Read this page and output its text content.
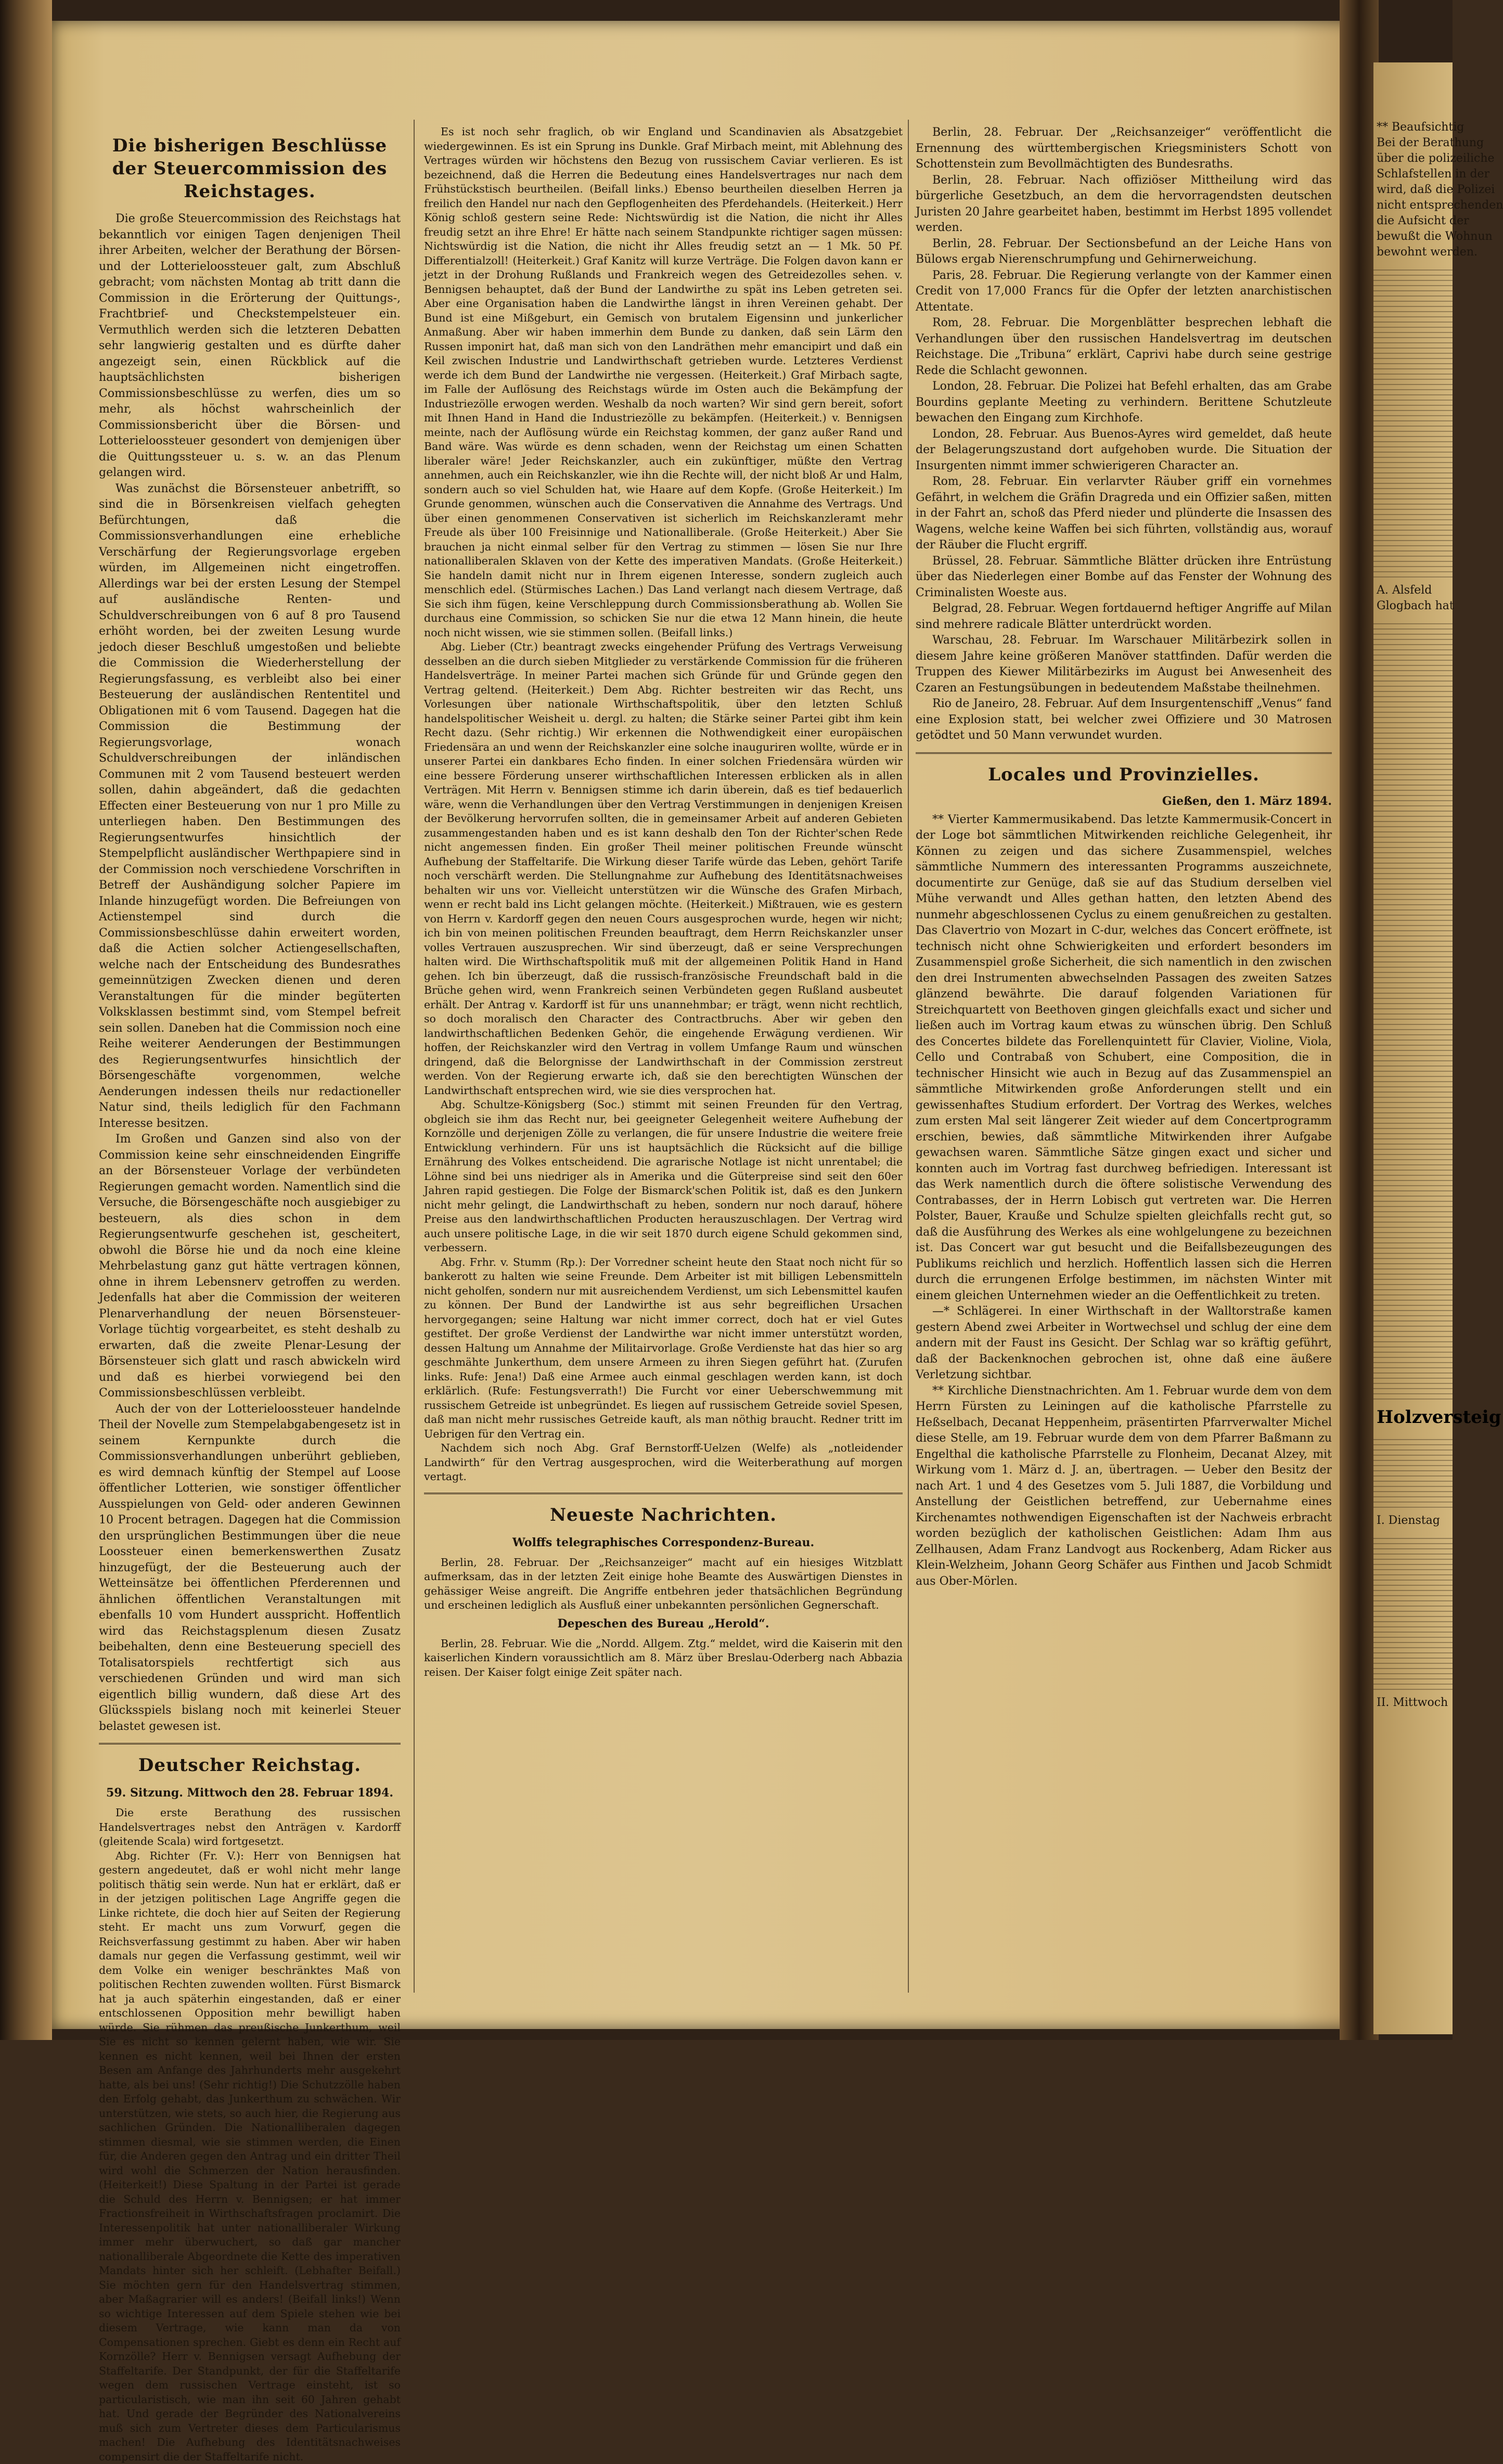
Die bisherigen Beschlüsse der Steuercommission des Reichstages.

Die große Steuercommission des Reichstags hat bekanntlich vor einigen Tagen denjenigen Theil ihrer Arbeiten, welcher der Berathung der Börsen- und der Lotterieloossteuer galt, zum Abschluß gebracht; vom nächsten Montag ab tritt dann die Commission in die Erörterung der Quittungs-, Frachtbrief- und Checkstempelsteuer ein. Vermuthlich werden sich die letzteren Debatten sehr langwierig gestalten und es dürfte daher angezeigt sein, einen Rückblick auf die hauptsächlichsten bisherigen Commissionsbeschlüsse zu werfen, dies um so mehr, als höchst wahrscheinlich der Commissionsbericht über die Börsen- und Lotterieloossteuer gesondert von demjenigen über die Quittungssteuer u. s. w. an das Plenum gelangen wird.

Was zunächst die Börsensteuer anbetrifft, so sind die in Börsenkreisen vielfach gehegten Befürchtungen, daß die Commissionsverhandlungen eine erhebliche Verschärfung der Regierungsvorlage ergeben würden, im Allgemeinen nicht eingetroffen. Allerdings war bei der ersten Lesung der Stempel auf ausländische Renten- und Schuldverschreibungen von 6 auf 8 pro Tausend erhöht worden, bei der zweiten Lesung wurde jedoch dieser Beschluß umgestoßen und beliebte die Commission die Wiederherstellung der Regierungsfassung, es verbleibt also bei einer Besteuerung der ausländischen Rententitel und Obligationen mit 6 vom Tausend. Dagegen hat die Commission die Bestimmung der Regierungsvorlage, wonach Schuldverschreibungen der inländischen Communen mit 2 vom Tausend besteuert werden sollen, dahin abgeändert, daß die gedachten Effecten einer Besteuerung von nur 1 pro Mille zu unterliegen haben. Den Bestimmungen des Regierungsentwurfes hinsichtlich der Stempelpflicht ausländischer Werthpapiere sind in der Commission noch verschiedene Vorschriften in Betreff der Aushändigung solcher Papiere im Inlande hinzugefügt worden. Die Befreiungen von Actienstempel sind durch die Commissionsbeschlüsse dahin erweitert worden, daß die Actien solcher Actiengesellschaften, welche nach der Entscheidung des Bundesrathes gemeinnützigen Zwecken dienen und deren Veranstaltungen für die minder begüterten Volksklassen bestimmt sind, vom Stempel befreit sein sollen. Daneben hat die Commission noch eine Reihe weiterer Aenderungen der Bestimmungen des Regierungsentwurfes hinsichtlich der Börsengeschäfte vorgenommen, welche Aenderungen indessen theils nur redactioneller Natur sind, theils lediglich für den Fachmann Interesse besitzen.

Im Großen und Ganzen sind also von der Commission keine sehr einschneidenden Eingriffe an der Börsensteuer Vorlage der verbündeten Regierungen gemacht worden. Namentlich sind die Versuche, die Börsengeschäfte noch ausgiebiger zu besteuern, als dies schon in dem Regierungsentwurfe geschehen ist, gescheitert, obwohl die Börse hie und da noch eine kleine Mehrbelastung ganz gut hätte vertragen können, ohne in ihrem Lebensnerv getroffen zu werden. Jedenfalls hat aber die Commission der weiteren Plenarverhandlung der neuen Börsensteuer-Vorlage tüchtig vorgearbeitet, es steht deshalb zu erwarten, daß die zweite Plenar-Lesung der Börsensteuer sich glatt und rasch abwickeln wird und daß es hierbei vorwiegend bei den Commissionsbeschlüssen verbleibt.

Auch der von der Lotterieloossteuer handelnde Theil der Novelle zum Stempelabgabengesetz ist in seinem Kernpunkte durch die Commissionsverhandlungen unberührt geblieben, es wird demnach künftig der Stempel auf Loose öffentlicher Lotterien, wie sonstiger öffentlicher Ausspielungen von Geld- oder anderen Gewinnen 10 Procent betragen. Dagegen hat die Commission den ursprünglichen Bestimmungen über die neue Loossteuer einen bemerkenswerthen Zusatz hinzugefügt, der die Besteuerung auch der Wetteinsätze bei öffentlichen Pferderennen und ähnlichen öffentlichen Veranstaltungen mit ebenfalls 10 vom Hundert ausspricht. Hoffentlich wird das Reichstagsplenum diesen Zusatz beibehalten, denn eine Besteuerung speciell des Totalisatorspiels rechtfertigt sich aus verschiedenen Gründen und wird man sich eigentlich billig wundern, daß diese Art des Glücksspiels bislang noch mit keinerlei Steuer belastet gewesen ist.

Deutscher Reichstag.
59. Sitzung. Mittwoch den 28. Februar 1894.

Die erste Berathung des russischen Handelsvertrages nebst den Anträgen v. Kardorff (gleitende Scala) wird fortgesetzt.

Abg. Richter (Fr. V.): Herr von Bennigsen hat gestern angedeutet, daß er wohl nicht mehr lange politisch thätig sein werde. Nun hat er erklärt, daß er in der jetzigen politischen Lage Angriffe gegen die Linke richtete, die doch hier auf Seiten der Regierung steht. Er macht uns zum Vorwurf, gegen die Reichsverfassung gestimmt zu haben. Aber wir haben damals nur gegen die Verfassung gestimmt, weil wir dem Volke ein weniger beschränktes Maß von politischen Rechten zuwenden wollten. Fürst Bismarck hat ja auch späterhin eingestanden, daß er einer entschlossenen Opposition mehr bewilligt haben würde. Sie rühmen das preußische Junkerthum, weil Sie es nicht so kennen gelernt haben, wie wir. Sie kennen es nicht kennen, weil bei Ihnen der ersten Besen am Anfange des Jahrhunderts mehr ausgekehrt hatte, als bei uns! (Sehr richtig!) Die Schutzzölle haben den Erfolg gehabt, das Junkerthum zu schwächen. Wir unterstützen, wie stets, so auch hier, die Regierung aus sachlichen Gründen. Die Nationalliberalen dagegen stimmen diesmal, wie sie stimmen werden, die Einen für, die Anderen gegen den Antrag und ein dritter Theil wird wohl die Schmerzen der Nation herausfinden. (Heiterkeit!) Diese Spaltung in der Partei ist gerade die Schuld des Herrn v. Bennigsen; er hat immer Fractionsfreiheit in Wirthschaftsfragen proclamirt. Die Interessenpolitik hat unter nationalliberaler Wirkung immer mehr überwuchert, so daß gar mancher nationalliberale Abgeordnete die Kette des imperativen Mandats hinter sich her schleift. (Lebhafter Beifall.) Sie möchten gern für den Handelsvertrag stimmen, aber Maßagrarier will es anders! (Beifall links!) Wenn so wichtige Interessen auf dem Spiele stehen wie bei diesem Vertrage, wie kann man da von Compensationen sprechen. Giebt es denn ein Recht auf Kornzölle? Herr v. Bennigsen versagt Aufhebung der Staffeltarife. Der Standpunkt, der für die Staffeltarife wegen dem russischen Vertrage einsteht, ist so particularistisch, wie man ihn seit 60 Jahren gehabt hat. Und gerade der Begründer des Nationalvereins muß sich zum Vertreter dieses dem Particularismus machen! Die Aufhebung des Identitätsnachweises compensirt die der Staffeltarife nicht.

Es ist noch sehr fraglich, ob wir England und Scandinavien als Absatzgebiet wiedergewinnen. Es ist ein Sprung ins Dunkle. Graf Mirbach meint, mit Ablehnung des Vertrages würden wir höchstens den Bezug von russischem Caviar verlieren. Es ist bezeichnend, daß die Herren die Bedeutung eines Handelsvertrages nur nach dem Frühstückstisch beurtheilen. (Beifall links.) Ebenso beurtheilen dieselben Herren ja freilich den Handel nur nach den Gepflogenheiten des Pferdehandels. (Heiterkeit.) Herr König schloß gestern seine Rede: Nichtswürdig ist die Nation, die nicht ihr Alles freudig setzt an ihre Ehre! Er hätte nach seinem Standpunkte richtiger sagen müssen: Nichtswürdig ist die Nation, die nicht ihr Alles freudig setzt an — 1 Mk. 50 Pf. Differentialzoll! (Heiterkeit.) Graf Kanitz will kurze Verträge. Die Folgen davon kann er jetzt in der Drohung Rußlands und Frankreich wegen des Getreidezolles sehen. v. Bennigsen behauptet, daß der Bund der Landwirthe zu spät ins Leben getreten sei. Aber eine Organisation haben die Landwirthe längst in ihren Vereinen gehabt. Der Bund ist eine Mißgeburt, ein Gemisch von brutalem Eigensinn und junkerlicher Anmaßung. Aber wir haben immerhin dem Bunde zu danken, daß sein Lärm den Russen imponirt hat, daß man sich von den Landräthen mehr emancipirt und daß ein Keil zwischen Industrie und Landwirthschaft getrieben wurde. Letzteres Verdienst werde ich dem Bund der Landwirthe nie vergessen. (Heiterkeit.) Graf Mirbach sagte, im Falle der Auflösung des Reichstags würde im Osten auch die Bekämpfung der Industriezölle erwogen werden. Weshalb da noch warten? Wir sind gern bereit, sofort mit Ihnen Hand in Hand die Industriezölle zu bekämpfen. (Heiterkeit.) v. Bennigsen meinte, nach der Auflösung würde ein Reichstag kommen, der ganz außer Rand und Band wäre. Was würde es denn schaden, wenn der Reichstag um einen Schatten liberaler wäre! Jeder Reichskanzler, auch ein zukünftiger, müßte den Vertrag annehmen, auch ein Reichskanzler, wie ihn die Rechte will, der nicht bloß Ar und Halm, sondern auch so viel Schulden hat, wie Haare auf dem Kopfe. (Große Heiterkeit.) Im Grunde genommen, wünschen auch die Conservativen die Annahme des Vertrags. Und über einen genommenen Conservativen ist sicherlich im Reichskanzleramt mehr Freude als über 100 Freisinnige und Nationalliberale. (Große Heiterkeit.) Aber Sie brauchen ja nicht einmal selber für den Vertrag zu stimmen — lösen Sie nur Ihre nationalliberalen Sklaven von der Kette des imperativen Mandats. (Große Heiterkeit.) Sie handeln damit nicht nur in Ihrem eigenen Interesse, sondern zugleich auch menschlich edel. (Stürmisches Lachen.) Das Land verlangt nach diesem Vertrage, daß Sie sich ihm fügen, keine Verschleppung durch Commissionsberathung ab. Wollen Sie durchaus eine Commission, so schicken Sie nur die etwa 12 Mann hinein, die heute noch nicht wissen, wie sie stimmen sollen. (Beifall links.)

Abg. Lieber (Ctr.) beantragt zwecks eingehender Prüfung des Vertrags Verweisung desselben an die durch sieben Mitglieder zu verstärkende Commission für die früheren Handelsverträge. In meiner Partei machen sich Gründe für und Gründe gegen den Vertrag geltend. (Heiterkeit.) Dem Abg. Richter bestreiten wir das Recht, uns Vorlesungen über nationale Wirthschaftspolitik, über den letzten Schluß handelspolitischer Weisheit u. dergl. zu halten; die Stärke seiner Partei gibt ihm kein Recht dazu. (Sehr richtig.) Wir erkennen die Nothwendigkeit einer europäischen Friedensära an und wenn der Reichskanzler eine solche inauguriren wollte, würde er in unserer Partei ein dankbares Echo finden. In einer solchen Friedensära würden wir eine bessere Förderung unserer wirthschaftlichen Interessen erblicken als in allen Verträgen. Mit Herrn v. Bennigsen stimme ich darin überein, daß es tief bedauerlich wäre, wenn die Verhandlungen über den Vertrag Verstimmungen in denjenigen Kreisen der Bevölkerung hervorrufen sollten, die in gemeinsamer Arbeit auf anderen Gebieten zusammengestanden haben und es ist kann deshalb den Ton der Richter'schen Rede nicht angemessen finden. Ein großer Theil meiner politischen Freunde wünscht Aufhebung der Staffeltarife. Die Wirkung dieser Tarife würde das Leben, gehört Tarife noch verschärft werden. Die Stellungnahme zur Aufhebung des Identitätsnachweises behalten wir uns vor. Vielleicht unterstützen wir die Wünsche des Grafen Mirbach, wenn er recht bald ins Licht gelangen möchte. (Heiterkeit.) Mißtrauen, wie es gestern von Herrn v. Kardorff gegen den neuen Cours ausgesprochen wurde, hegen wir nicht; ich bin von meinen politischen Freunden beauftragt, dem Herrn Reichskanzler unser volles Vertrauen auszusprechen. Wir sind überzeugt, daß er seine Versprechungen halten wird. Die Wirthschaftspolitik muß mit der allgemeinen Politik Hand in Hand gehen. Ich bin überzeugt, daß die russisch-französische Freundschaft bald in die Brüche gehen wird, wenn Frankreich seinen Verbündeten gegen Rußland ausbeutet erhält. Der Antrag v. Kardorff ist für uns unannehmbar; er trägt, wenn nicht rechtlich, so doch moralisch den Character des Contractbruchs. Aber wir geben den landwirthschaftlichen Bedenken Gehör, die eingehende Erwägung verdienen. Wir hoffen, der Reichskanzler wird den Vertrag in vollem Umfange Raum und wünschen dringend, daß die Belorgnisse der Landwirthschaft in der Commission zerstreut werden. Von der Regierung erwarte ich, daß sie den berechtigten Wünschen der Landwirthschaft entsprechen wird, wie sie dies versprochen hat.

Abg. Schultze-Königsberg (Soc.) stimmt mit seinen Freunden für den Vertrag, obgleich sie ihm das Recht nur, bei geeigneter Gelegenheit weitere Aufhebung der Kornzölle und derjenigen Zölle zu verlangen, die für unsere Industrie die weitere freie Entwicklung verhindern. Für uns ist hauptsächlich die Rücksicht auf die billige Ernährung des Volkes entscheidend. Die agrarische Notlage ist nicht unrentabel; die Löhne sind bei uns niedriger als in Amerika und die Güterpreise sind seit den 60er Jahren rapid gestiegen. Die Folge der Bismarck'schen Politik ist, daß es den Junkern nicht mehr gelingt, die Landwirthschaft zu heben, sondern nur noch darauf, höhere Preise aus den landwirthschaftlichen Producten herauszuschlagen. Der Vertrag wird auch unsere politische Lage, in die wir seit 1870 durch eigene Schuld gekommen sind, verbessern.

Abg. Frhr. v. Stumm (Rp.): Der Vorredner scheint heute den Staat noch nicht für so bankerott zu halten wie seine Freunde. Dem Arbeiter ist mit billigen Lebensmitteln nicht geholfen, sondern nur mit ausreichendem Verdienst, um sich Lebensmittel kaufen zu können. Der Bund der Landwirthe ist aus sehr begreiflichen Ursachen hervorgegangen; seine Haltung war nicht immer correct, doch hat er viel Gutes gestiftet. Der große Verdienst der Landwirthe war nicht immer unterstützt worden, dessen Haltung um Annahme der Militairvorlage. Große Verdienste hat das hier so arg geschmähte Junkerthum, dem unsere Armeen zu ihren Siegen geführt hat. (Zurufen links. Rufe: Jena!) Daß eine Armee auch einmal geschlagen werden kann, ist doch erklärlich. (Rufe: Festungsverrath!) Die Furcht vor einer Ueberschwemmung mit russischem Getreide ist unbegründet. Es liegen auf russischem Getreide soviel Spesen, daß man nicht mehr russisches Getreide kauft, als man nöthig braucht. Redner tritt im Uebrigen für den Vertrag ein.

Nachdem sich noch Abg. Graf Bernstorff-Uelzen (Welfe) als „notleidender Landwirth“ für den Vertrag ausgesprochen, wird die Weiterberathung auf morgen vertagt.

Neueste Nachrichten.
Wolffs telegraphisches Correspondenz-Bureau.

Berlin, 28. Februar. Der „Reichsanzeiger“ macht auf ein hiesiges Witzblatt aufmerksam, das in der letzten Zeit einige hohe Beamte des Auswärtigen Dienstes in gehässiger Weise angreift. Die Angriffe entbehren jeder thatsächlichen Begründung und erscheinen lediglich als Ausfluß einer unbekannten persönlichen Gegnerschaft.

Depeschen des Bureau „Herold“.

Berlin, 28. Februar. Wie die „Nordd. Allgem. Ztg.“ meldet, wird die Kaiserin mit den kaiserlichen Kindern voraussichtlich am 8. März über Breslau-Oderberg nach Abbazia reisen. Der Kaiser folgt einige Zeit später nach.

Berlin, 28. Februar. Der „Reichsanzeiger“ veröffentlicht die Ernennung des württembergischen Kriegsministers Schott von Schottenstein zum Bevollmächtigten des Bundesraths.

Berlin, 28. Februar. Nach offiziöser Mittheilung wird das bürgerliche Gesetzbuch, an dem die hervorragendsten deutschen Juristen 20 Jahre gearbeitet haben, bestimmt im Herbst 1895 vollendet werden.

Berlin, 28. Februar. Der Sectionsbefund an der Leiche Hans von Bülows ergab Nierenschrumpfung und Gehirnerweichung.

Paris, 28. Februar. Die Regierung verlangte von der Kammer einen Credit von 17,000 Francs für die Opfer der letzten anarchistischen Attentate.

Rom, 28. Februar. Die Morgenblätter besprechen lebhaft die Verhandlungen über den russischen Handelsvertrag im deutschen Reichstage. Die „Tribuna“ erklärt, Caprivi habe durch seine gestrige Rede die Schlacht gewonnen.

London, 28. Februar. Die Polizei hat Befehl erhalten, das am Grabe Bourdins geplante Meeting zu verhindern. Berittene Schutzleute bewachen den Eingang zum Kirchhofe.

London, 28. Februar. Aus Buenos-Ayres wird gemeldet, daß heute der Belagerungszustand dort aufgehoben wurde. Die Situation der Insurgenten nimmt immer schwierigeren Character an.

Rom, 28. Februar. Ein verlarvter Räuber griff ein vornehmes Gefährt, in welchem die Gräfin Dragreda und ein Offizier saßen, mitten in der Fahrt an, schoß das Pferd nieder und plünderte die Insassen des Wagens, welche keine Waffen bei sich führten, vollständig aus, worauf der Räuber die Flucht ergriff.

Brüssel, 28. Februar. Sämmtliche Blätter drücken ihre Entrüstung über das Niederlegen einer Bombe auf das Fenster der Wohnung des Criminalisten Woeste aus.

Belgrad, 28. Februar. Wegen fortdauernd heftiger Angriffe auf Milan sind mehrere radicale Blätter unterdrückt worden.

Warschau, 28. Februar. Im Warschauer Militärbezirk sollen in diesem Jahre keine größeren Manöver stattfinden. Dafür werden die Truppen des Kiewer Militärbezirks im August bei Anwesenheit des Czaren an Festungsübungen in bedeutendem Maßstabe theilnehmen.

Rio de Janeiro, 28. Februar. Auf dem Insurgentenschiff „Venus“ fand eine Explosion statt, bei welcher zwei Offiziere und 30 Matrosen getödtet und 50 Mann verwundet wurden.

Locales und Provinzielles.
Gießen, den 1. März 1894.

** Vierter Kammermusikabend. Das letzte Kammermusik-Concert in der Loge bot sämmtlichen Mitwirkenden reichliche Gelegenheit, ihr Können zu zeigen und das sichere Zusammenspiel, welches sämmtliche Nummern des interessanten Programms auszeichnete, documentirte zur Genüge, daß sie auf das Studium derselben viel Mühe verwandt und Alles gethan hatten, den letzten Abend des nunmehr abgeschlossenen Cyclus zu einem genußreichen zu gestalten. Das Clavertrio von Mozart in C-dur, welches das Concert eröffnete, ist technisch nicht ohne Schwierigkeiten und erfordert besonders im Zusammenspiel große Sicherheit, die sich namentlich in den zwischen den drei Instrumenten abwechselnden Passagen des zweiten Satzes glänzend bewährte. Die darauf folgenden Variationen für Streichquartett von Beethoven gingen gleichfalls exact und sicher und ließen auch im Vortrag kaum etwas zu wünschen übrig. Den Schluß des Concertes bildete das Forellenquintett für Clavier, Violine, Viola, Cello und Contrabaß von Schubert, eine Composition, die in technischer Hinsicht wie auch in Bezug auf das Zusammenspiel an sämmtliche Mitwirkenden große Anforderungen stellt und ein gewissenhaftes Studium erfordert. Der Vortrag des Werkes, welches zum ersten Mal seit längerer Zeit wieder auf dem Concertprogramm erschien, bewies, daß sämmtliche Mitwirkenden ihrer Aufgabe gewachsen waren. Sämmtliche Sätze gingen exact und sicher und konnten auch im Vortrag fast durchweg befriedigen. Interessant ist das Werk namentlich durch die öftere solistische Verwendung des Contrabasses, der in Herrn Lobisch gut vertreten war. Die Herren Polster, Bauer, Krauße und Schulze spielten gleichfalls recht gut, so daß die Ausführung des Werkes als eine wohlgelungene zu bezeichnen ist. Das Concert war gut besucht und die Beifallsbezeugungen des Publikums reichlich und herzlich. Hoffentlich lassen sich die Herren durch die errungenen Erfolge bestimmen, im nächsten Winter mit einem gleichen Unternehmen wieder an die Oeffentlichkeit zu treten.

—* Schlägerei. In einer Wirthschaft in der Walltorstraße kamen gestern Abend zwei Arbeiter in Wortwechsel und schlug der eine dem andern mit der Faust ins Gesicht. Der Schlag war so kräftig geführt, daß der Backenknochen gebrochen ist, ohne daß eine äußere Verletzung sichtbar.

** Kirchliche Dienstnachrichten. Am 1. Februar wurde dem von dem Herrn Fürsten zu Leiningen auf die katholische Pfarrstelle zu Heßselbach, Decanat Heppenheim, präsentirten Pfarrverwalter Michel diese Stelle, am 19. Februar wurde dem von dem Pfarrer Baßmann zu Engelthal die katholische Pfarrstelle zu Flonheim, Decanat Alzey, mit Wirkung vom 1. März d. J. an, übertragen. — Ueber den Besitz der nach Art. 1 und 4 des Gesetzes vom 5. Juli 1887, die Vorbildung und Anstellung der Geistlichen betreffend, zur Uebernahme eines Kirchenamtes nothwendigen Eigenschaften ist der Nachweis erbracht worden bezüglich der katholischen Geistlichen: Adam Ihm aus Zellhausen, Adam Franz Landvogt aus Rockenberg, Adam Ricker aus Klein-Welzheim, Johann Georg Schäfer aus Finthen und Jacob Schmidt aus Ober-Mörlen.

** Beaufsichtig
Bei der Berathung
über die polizeiliche
Schlafstellen in der
wird, daß die Polizei
nicht entsprechenden
die Aufsicht der
bewußt die Wohnun
bewohnt werden.
A. Alsfeld
Glogbach hat
Holzversteig
I. Dienstag
II. Mittwoch
